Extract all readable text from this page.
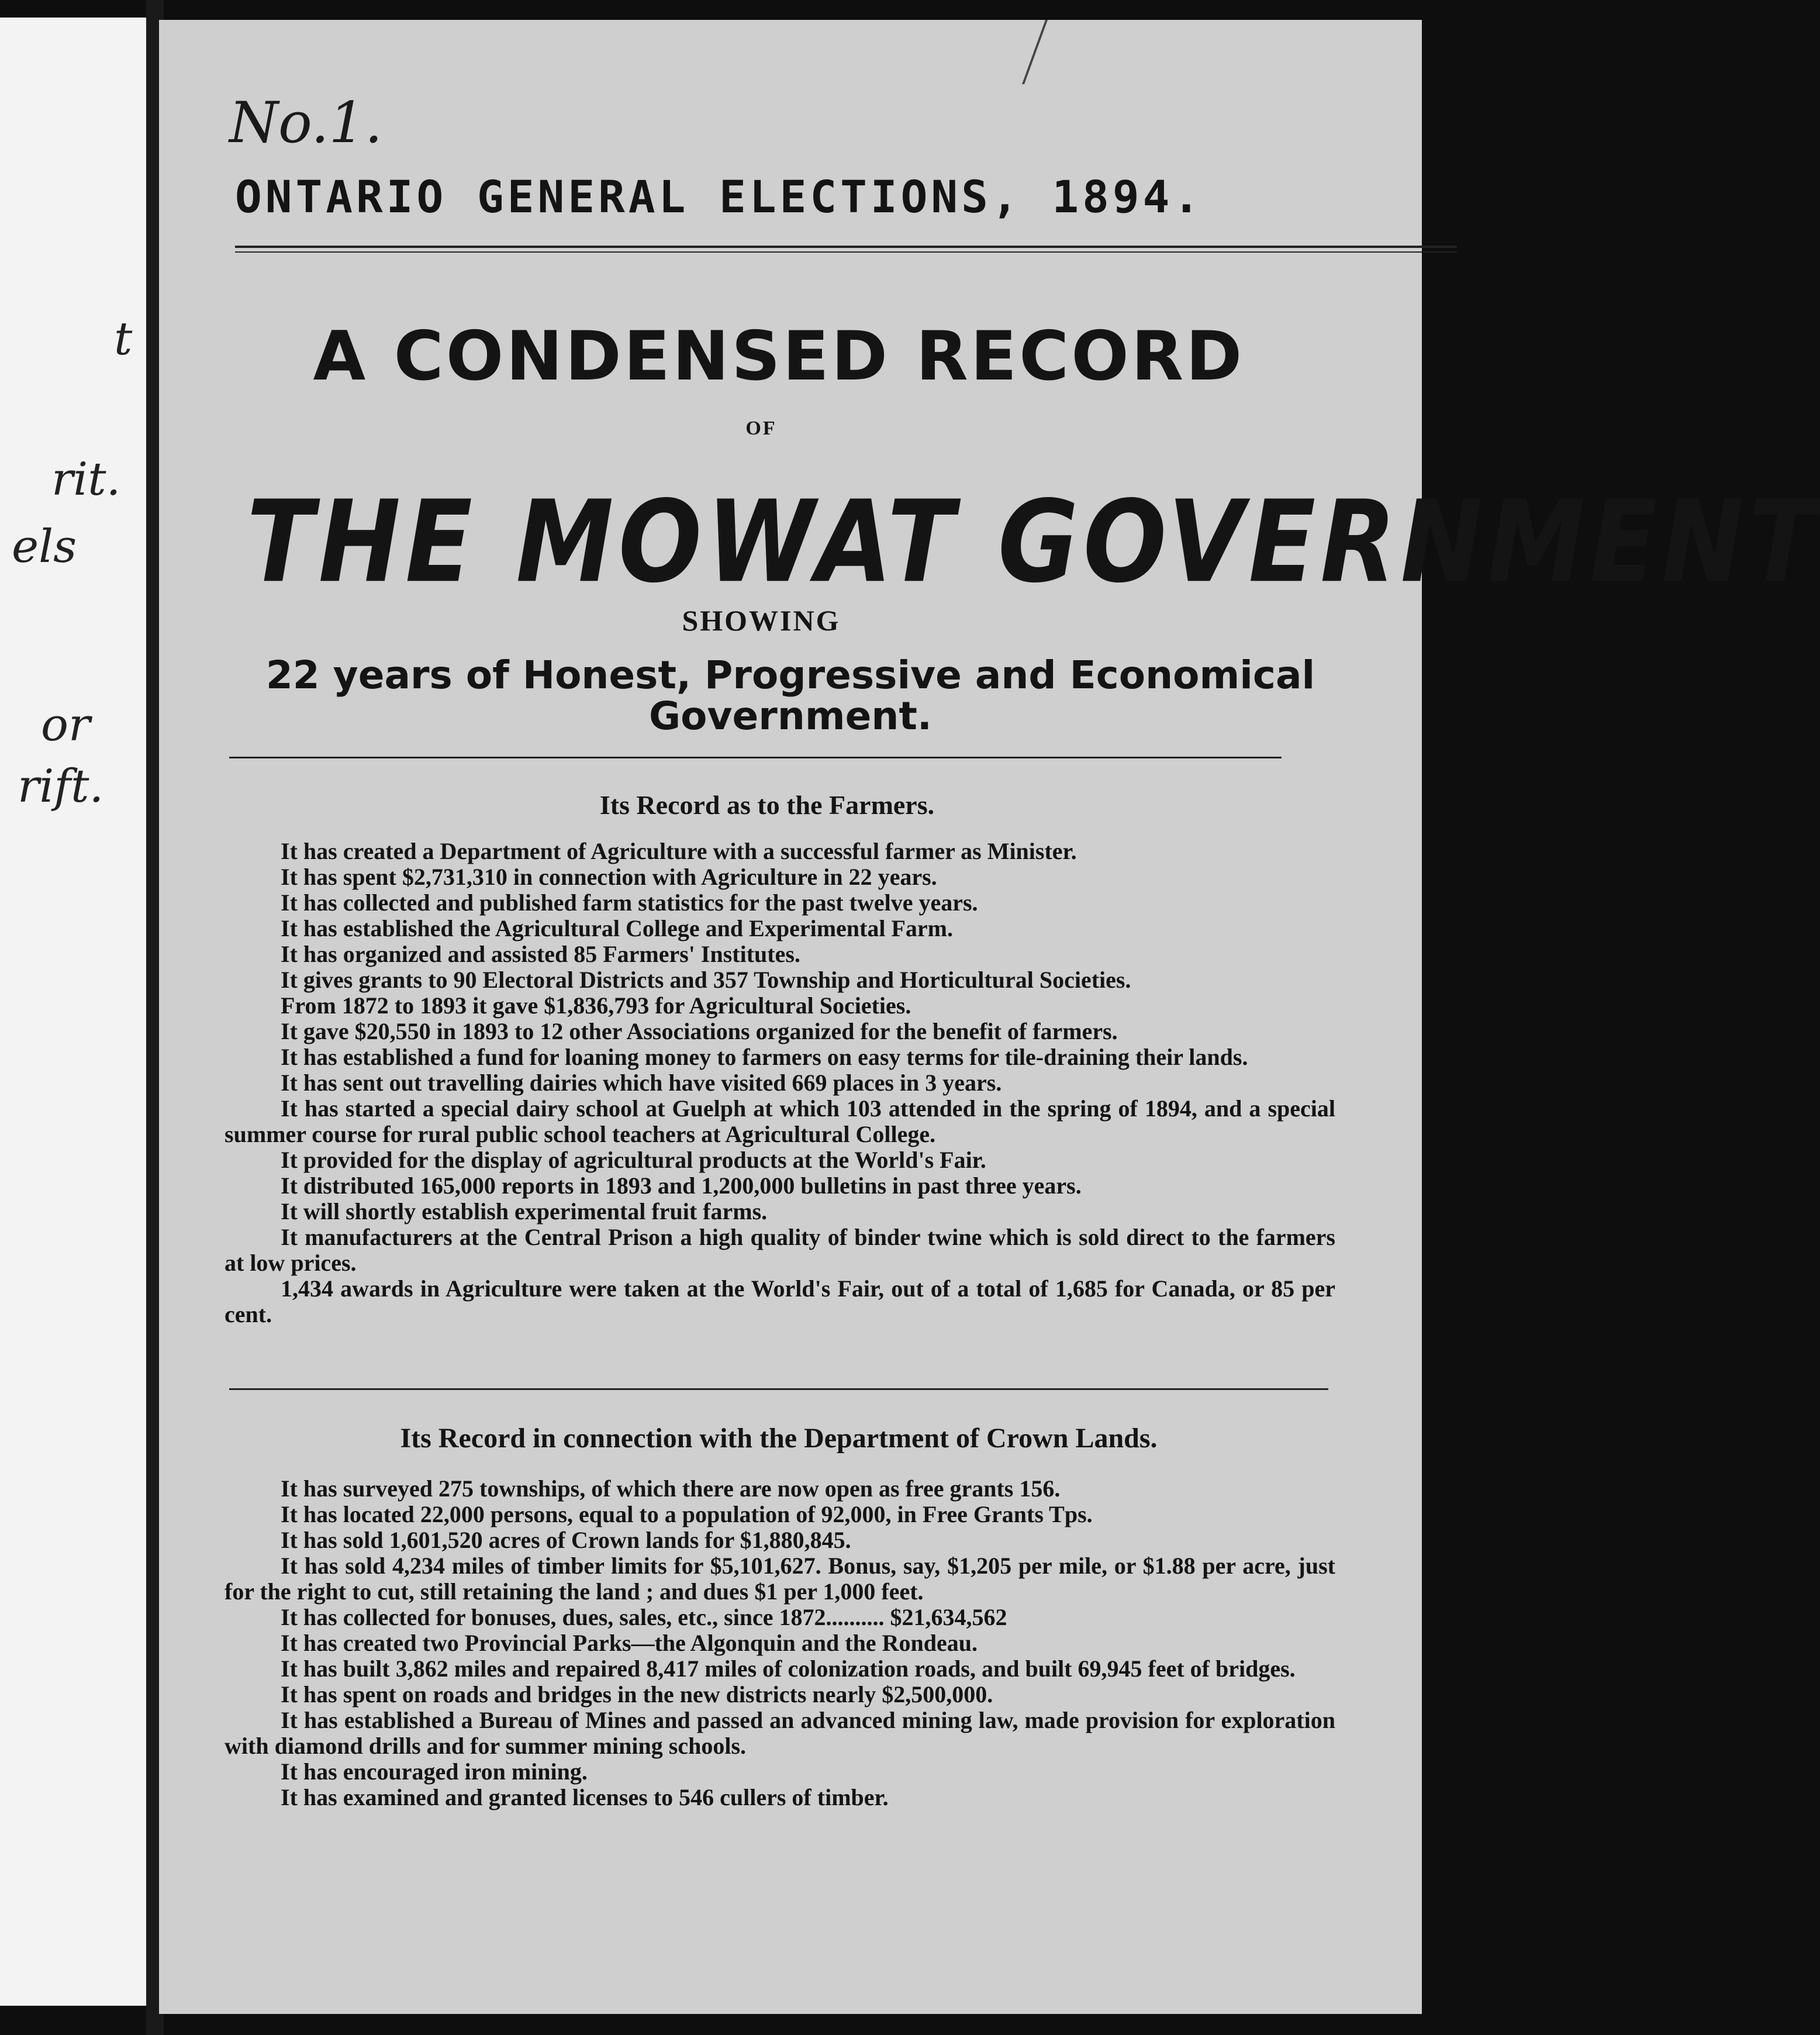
t
rit.
els
or
rift.
No.1.
ONTARIO GENERAL ELECTIONS, 1894.
A CONDENSED RECORD
OF
THE MOWAT GOVERNMENT
SHOWING
22 years of Honest, Progressive and Economical Government.
Its Record as to the Farmers.
It has created a Department of Agriculture with a successful farmer as Minister.
It has spent $2,731,310 in connection with Agriculture in 22 years.
It has collected and published farm statistics for the past twelve years.
It has established the Agricultural College and Experimental Farm.
It has organized and assisted 85 Farmers' Institutes.
It gives grants to 90 Electoral Districts and 357 Township and Horticultural Societies.
From 1872 to 1893 it gave $1,836,793 for Agricultural Societies.
It gave $20,550 in 1893 to 12 other Associations organized for the benefit of farmers.
It has established a fund for loaning money to farmers on easy terms for tile-draining their lands.
It has sent out travelling dairies which have visited 669 places in 3 years.
It has started a special dairy school at Guelph at which 103 attended in the spring of 1894, and a special summer course for rural public school teachers at Agricultural College.
It provided for the display of agricultural products at the World's Fair.
It distributed 165,000 reports in 1893 and 1,200,000 bulletins in past three years.
It will shortly establish experimental fruit farms.
It manufacturers at the Central Prison a high quality of binder twine which is sold direct to the farmers at low prices.
1,434 awards in Agriculture were taken at the World's Fair, out of a total of 1,685 for Canada, or 85 per cent.
Its Record in connection with the Department of Crown Lands.
It has surveyed 275 townships, of which there are now open as free grants 156.
It has located 22,000 persons, equal to a population of 92,000, in Free Grants Tps.
It has sold 1,601,520 acres of Crown lands for $1,880,845.
It has sold 4,234 miles of timber limits for $5,101,627. Bonus, say, $1,205 per mile, or $1.88 per acre, just for the right to cut, still retaining the land ; and dues $1 per 1,000 feet.
It has collected for bonuses, dues, sales, etc., since 1872.......... $21,634,562
It has created two Provincial Parks—the Algonquin and the Rondeau.
It has built 3,862 miles and repaired 8,417 miles of colonization roads, and built 69,945 feet of bridges.
It has spent on roads and bridges in the new districts nearly $2,500,000.
It has established a Bureau of Mines and passed an advanced mining law, made provision for exploration with diamond drills and for summer mining schools.
It has encouraged iron mining.
It has examined and granted licenses to 546 cullers of timber.
